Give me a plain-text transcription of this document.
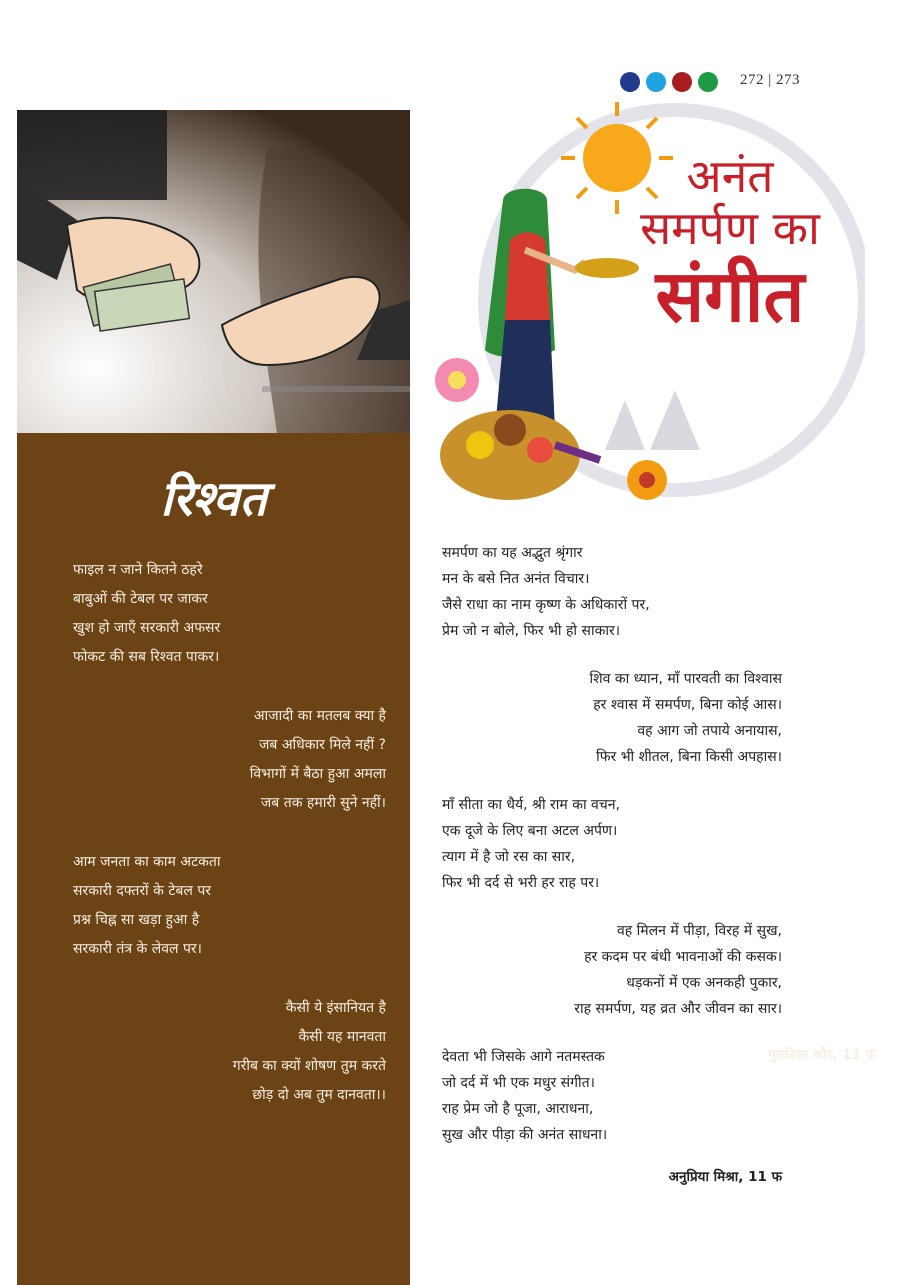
272 | 273
रिश्वत
फाइल न जाने कितने ठहरे
बाबुओं की टेबल पर जाकर
खुश हो जाएँ सरकारी अफसर
फोकट की सब रिश्वत पाकर।
आजादी का मतलब क्या है
जब अधिकार मिले नहीं ?
विभागों में बैठा हुआ अमला
जब तक हमारी सुने नहीं।
आम जनता का काम अटकता
सरकारी दफ्तरों के टेबल पर
प्रश्न चिह्न सा खड़ा हुआ है
सरकारी तंत्र के लेवल पर।
कैसी ये इंसानियत है
कैसी यह मानवता
गरीब का क्यों शोषण तुम करते
छोड़ दो अब तुम दानवता।।
गुरकीरत कौर, 11 फ
अनंत
समर्पण का
संगीत
समर्पण का यह अद्भुत श्रृंगार
मन के बसे नित अनंत विचार।
जैसे राधा का नाम कृष्ण के अधिकारों पर,
प्रेम जो न बोले, फिर भी हो साकार।
शिव का ध्यान, माँ पारवती का विश्वास
हर श्वास में समर्पण, बिना कोई आस।
वह आग जो तपाये अनायास,
फिर भी शीतल, बिना किसी अपहास।
माँ सीता का धैर्य, श्री राम का वचन,
एक दूजे के लिए बना अटल अर्पण।
त्याग में है जो रस का सार,
फिर भी दर्द से भरी हर राह पर।
वह मिलन में पीड़ा, विरह में सुख,
हर कदम पर बंधी भावनाओं की कसक।
धड़कनों में एक अनकही पुकार,
राह समर्पण, यह व्रत और जीवन का सार।
देवता भी जिसके आगे नतमस्तक
जो दर्द में भी एक मधुर संगीत।
राह प्रेम जो है पूजा, आराधना,
सुख और पीड़ा की अनंत साधना।
अनुप्रिया मिश्रा, 11 फ
